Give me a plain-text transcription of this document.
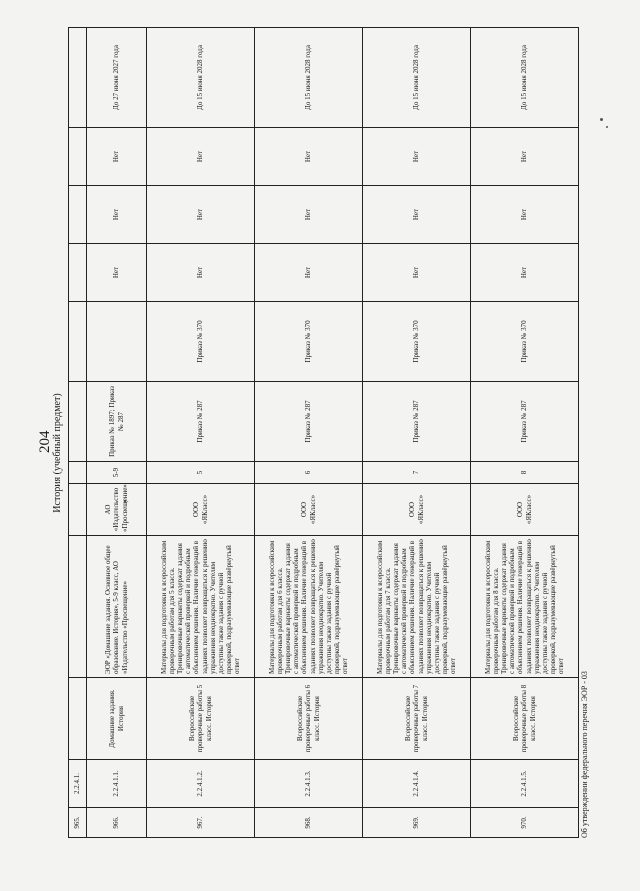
204 История (учебный предмет)
965.	2.2.4.1.										
966.	2.2.4.1.1.	Домашние задания. История	ЭОР «Домашние задания. Основное общее образование. История», 5-9 класс, АО «Издательство «Просвещение»	АО «Издательство «Просвещение»	5-9	Приказ № 1897; Приказ № 287		Нет	Нет	Нет	До 27 июня 2027 года
967.	2.2.4.1.2.	Всероссийские проверочные работы 5 класс. История	Материалы для подготовки к всероссийским проверочным работам для 5 класса. Тренировочные варианты содержат задания с автоматической проверкой и подробным объяснением решения. Наличие генераций в заданиях позволяет возвращаться к решению упражнения неоднократно. Учителям доступны также задания с ручной проверкой, подразумевающие развёрнутый ответ	ООО «ЯКласс»	5	Приказ № 287	Приказ № 370	Нет	Нет	Нет	До 15 июня 2028 года
968.	2.2.4.1.3.	Всероссийские проверочные работы 6 класс. История	Материалы для подготовки к всероссийским проверочным работам для 6 класса. Тренировочные варианты содержат задания с автоматической проверкой и подробным объяснением решения. Наличие генераций в заданиях позволяет возвращаться к решению упражнения неоднократно. Учителям доступны также задания с ручной проверкой, подразумевающие развёрнутый ответ	ООО «ЯКласс»	6	Приказ № 287	Приказ № 370	Нет	Нет	Нет	До 15 июня 2028 года
969.	2.2.4.1.4.	Всероссийские проверочные работы 7 класс. История	Материалы для подготовки к всероссийским проверочным работам для 7 класса. Тренировочные варианты содержат задания с автоматической проверкой и подробным объяснением решения. Наличие генераций в заданиях позволяет возвращаться к решению упражнения неоднократно. Учителям доступны также задания с ручной проверкой, подразумевающие развёрнутый ответ	ООО «ЯКласс»	7	Приказ № 287	Приказ № 370	Нет	Нет	Нет	До 15 июня 2028 года
970.	2.2.4.1.5.	Всероссийские проверочные работы 8 класс. История	Материалы для подготовки к всероссийским проверочным работам для 8 класса. Тренировочные варианты содержат задания с автоматической проверкой и подробным объяснением решения. Наличие генераций в заданиях позволяет возвращаться к решению упражнения неоднократно. Учителям доступны также задания с ручной проверкой, подразумевающие развёрнутый ответ	ООО «ЯКласс»	8	Приказ № 287	Приказ № 370	Нет	Нет	Нет	До 15 июня 2028 года
Об утверждении федерального перечня ЭОР - 03
